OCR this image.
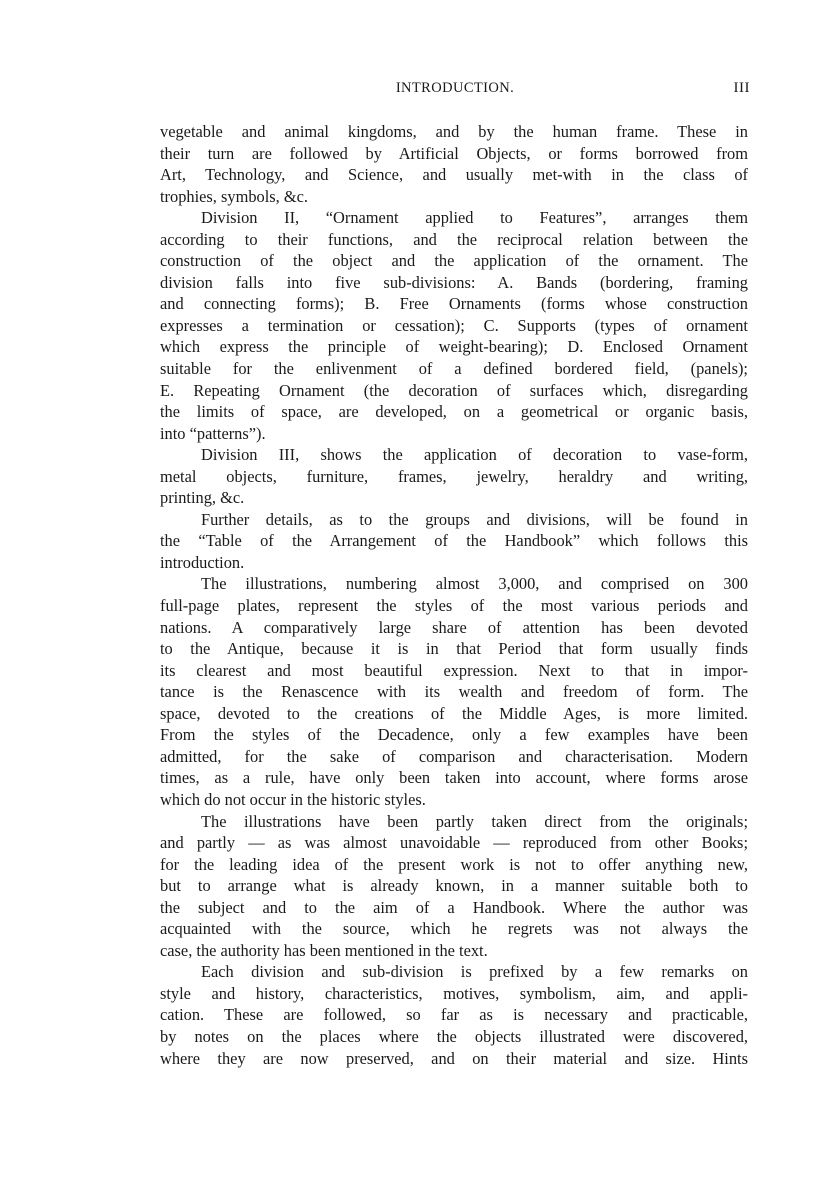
INTRODUCTION.	III
vegetable and animal kingdoms, and by the human frame. These in
their turn are followed by Artificial Objects, or forms borrowed from
Art, Technology, and Science, and usually met-with in the class of
trophies, symbols, &c.
Division II, “Ornament applied to Features”, arranges them
according to their functions, and the reciprocal relation between the
construction of the object and the application of the ornament. The
division falls into five sub-divisions: A. Bands (bordering, framing
and connecting forms); B. Free Ornaments (forms whose construction
expresses a termination or cessation); C. Supports (types of ornament
which express the principle of weight-bearing); D. Enclosed Ornament
suitable for the enlivenment of a defined bordered field, (panels);
E. Repeating Ornament (the decoration of surfaces which, disregarding
the limits of space, are developed, on a geometrical or organic basis,
into “patterns”).
Division III, shows the application of decoration to vase-form,
metal objects, furniture, frames, jewelry, heraldry and writing,
printing, &c.
Further details, as to the groups and divisions, will be found in
the “Table of the Arrangement of the Handbook” which follows this
introduction.
The illustrations, numbering almost 3,000, and comprised on 300
full-page plates, represent the styles of the most various periods and
nations. A comparatively large share of attention has been devoted
to the Antique, because it is in that Period that form usually finds
its clearest and most beautiful expression. Next to that in impor-
tance is the Renascence with its wealth and freedom of form. The
space, devoted to the creations of the Middle Ages, is more limited.
From the styles of the Decadence, only a few examples have been
admitted, for the sake of comparison and characterisation. Modern
times, as a rule, have only been taken into account, where forms arose
which do not occur in the historic styles.
The illustrations have been partly taken direct from the originals;
and partly — as was almost unavoidable — reproduced from other Books;
for the leading idea of the present work is not to offer anything new,
but to arrange what is already known, in a manner suitable both to
the subject and to the aim of a Handbook. Where the author was
acquainted with the source, which he regrets was not always the
case, the authority has been mentioned in the text.
Each division and sub-division is prefixed by a few remarks on
style and history, characteristics, motives, symbolism, aim, and appli-
cation. These are followed, so far as is necessary and practicable,
by notes on the places where the objects illustrated were discovered,
where they are now preserved, and on their material and size. Hints
